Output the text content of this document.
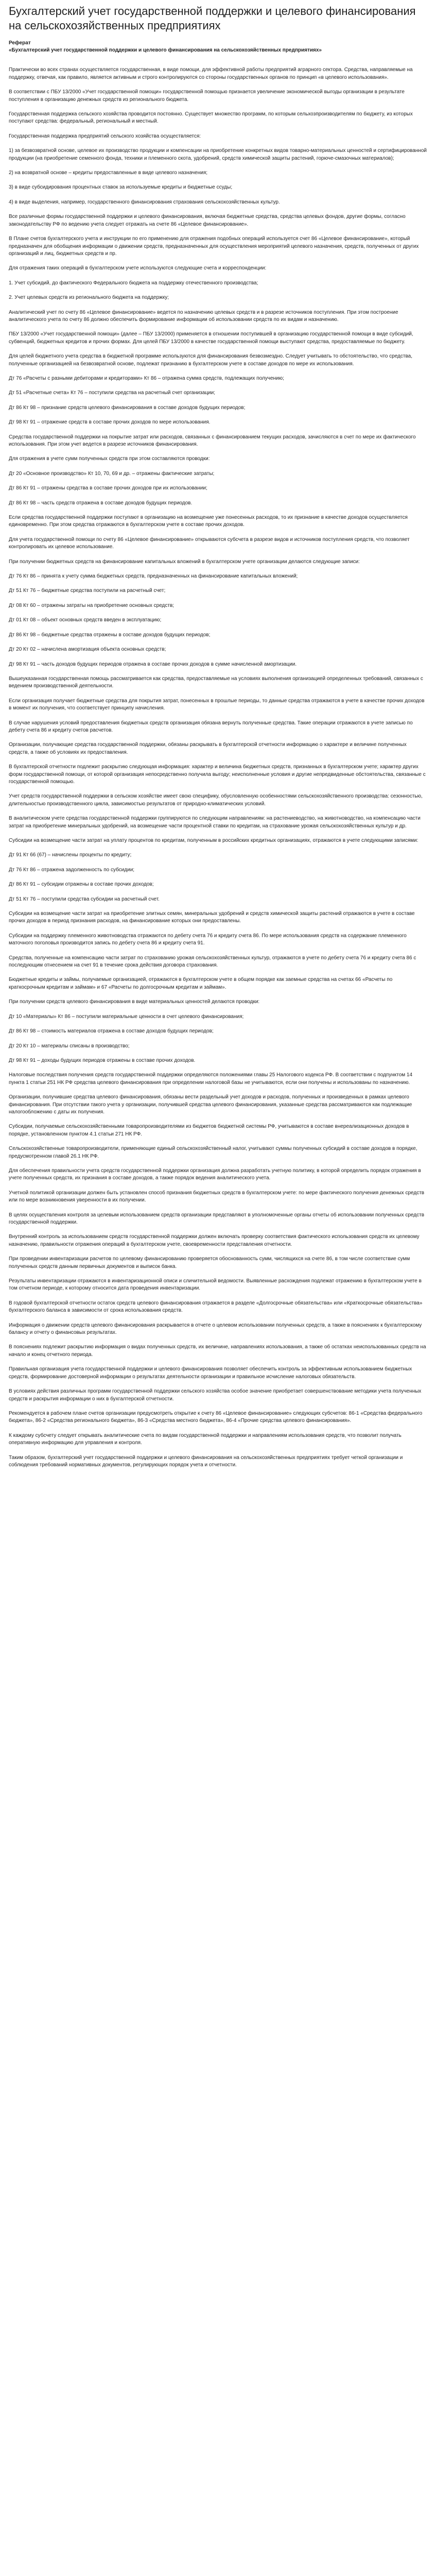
Бухгалтерский учет государственной поддержки и целевого финансирования на сельскохозяйственных предприятиях
Реферат
«Бухгалтерский учет государственной поддержки и целевого финансирования на сельскохозяйственных предприятиях»

Практически во всех странах осуществляется государственная, в виде помощи, для эффективной работы предприятий аграрного сектора. Средства, направляемые на поддержку, отвечая, как правило, является активным и строго контролируются со стороны государственных органов по принцип «в целевого использования».

В соответствии с ПБУ 13/2000 «Учет государственной помощи» государственной помощью признается увеличение экономической выгоды организации в результате поступления в организацию денежных средств из регионального бюджета.

Государственная поддержка сельского хозяйства проводится постоянно. Существует множество программ, по которым сельхозпроизводителям по бюджету, из которых поступают средства: федеральный, региональный и местный.

Государственная поддержка предприятий сельского хозяйства осуществляется:

1) за безвозвратной основе, целевое их производство продукции и компенсации на приобретение конкретных видов товарно-материальных ценностей и сертифицированной продукции (на приобретение семенного фонда, техники и племенного скота, удобрений, средств химической защиты растений, горюче-смазочных материалов);

2) на возвратной основе – кредиты предоставленные в виде целевого назначения;

3) в виде субсидирования процентных ставок за используемые кредиты и бюджетные ссуды;

4) в виде выделения, например, государственного финансирования страхования сельскохозяйственных культур.

Все различные формы государственной поддержки и целевого финансирования, включая бюджетные средства, средства целевых фондов, другие формы, согласно законодательству РФ по ведению учета следует отражать на счете 86 «Целевое финансирование».

В Плане счетов бухгалтерского учета и инструкции по его применению для отражения подобных операций используется счет 86 «Целевое финансирование», который предназначен для обобщения информации о движении средств, предназначенных для осуществления мероприятий целевого назначения, средств, полученных от других организаций и лиц, бюджетных средств и пр.

Для отражения таких операций в бухгалтерском учете используются следующие счета и корреспонденции:

1. Учет субсидий, до фактического Федерального бюджета на поддержку отечественного производства;

2. Учет целевых средств из регионального бюджета на поддержку;

Аналитический учет по счету 86 «Целевое финансирование» ведется по назначению целевых средств и в разрезе источников поступления. При этом построение аналитического учета по счету 86 должно обеспечить формирование информации об использовании средств по их видам и назначению.

ПБУ 13/2000 «Учет государственной помощи» (далее – ПБУ 13/2000) применяется в отношении поступившей в организацию государственной помощи в виде субсидий, субвенций, бюджетных кредитов и прочих формах. Для целей ПБУ 13/2000 в качестве государственной помощи выступают средства, предоставляемые по бюджету.

Для целей бюджетного учета средства в бюджетной программе используются для финансирования безвозмездно. Следует учитывать то обстоятельство, что средства, полученные организацией на безвозвратной основе, подлежат признанию в бухгалтерском учете в составе доходов по мере их использования.

Дт 76 «Расчеты с разными дебиторами и кредиторами» Кт 86 – отражена сумма средств, подлежащих получению;

Дт 51 «Расчетные счета» Кт 76 – поступили средства на расчетный счет организации;

Дт 86 Кт 98 – признание средств целевого финансирования в составе доходов будущих периодов;

Дт 98 Кт 91 – отражение средств в составе прочих доходов по мере использования.

Средства государственной поддержки на покрытие затрат или расходов, связанных с финансированием текущих расходов, зачисляются в счет по мере их фактического использования. При этом учет ведется в разрезе источников финансирования.

Для отражения в учете сумм полученных средств при этом составляются проводки:

Дт 20 «Основное производство» Кт 10, 70, 69 и др. – отражены фактические затраты;

Дт 86 Кт 91 – отражены средства в составе прочих доходов при их использовании;

Дт 86 Кт 98 – часть средств отражена в составе доходов будущих периодов.

Если средства государственной поддержки поступают в организацию на возмещение уже понесенных расходов, то их признание в качестве доходов осуществляется единовременно. При этом средства отражаются в бухгалтерском учете в составе прочих доходов.

Для учета государственной помощи по счету 86 «Целевое финансирование» открываются субсчета в разрезе видов и источников поступления средств, что позволяет контролировать их целевое использование.

При получении бюджетных средств на финансирование капитальных вложений в бухгалтерском учете организации делаются следующие записи:

Дт 76 Кт 86 – принята к учету сумма бюджетных средств, предназначенных на финансирование капитальных вложений;

Дт 51 Кт 76 – бюджетные средства поступили на расчетный счет;

Дт 08 Кт 60 – отражены затраты на приобретение основных средств;

Дт 01 Кт 08 – объект основных средств введен в эксплуатацию;

Дт 86 Кт 98 – бюджетные средства отражены в составе доходов будущих периодов;

Дт 20 Кт 02 – начислена амортизация объекта основных средств;

Дт 98 Кт 91 – часть доходов будущих периодов отражена в составе прочих доходов в сумме начисленной амортизации.

Вышеуказанная государственная помощь рассматривается как средства, предоставляемые на условиях выполнения организацией определенных требований, связанных с ведением производственной деятельности.

Если организация получает бюджетные средства для покрытия затрат, понесенных в прошлые периоды, то данные средства отражаются в учете в качестве прочих доходов в момент их получения, что соответствует принципу начисления.

В случае нарушения условий предоставления бюджетных средств организация обязана вернуть полученные средства. Такие операции отражаются в учете записью по дебету счета 86 и кредиту счетов расчетов.

Организации, получающие средства государственной поддержки, обязаны раскрывать в бухгалтерской отчетности информацию о характере и величине полученных средств, а также об условиях их предоставления.

В бухгалтерской отчетности подлежит раскрытию следующая информация: характер и величина бюджетных средств, признанных в бухгалтерском учете; характер других форм государственной помощи, от которой организация непосредственно получила выгоду; неисполненные условия и другие непредвиденные обстоятельства, связанные с государственной помощью.

Учет средств государственной поддержки в сельском хозяйстве имеет свою специфику, обусловленную особенностями сельскохозяйственного производства: сезонностью, длительностью производственного цикла, зависимостью результатов от природно-климатических условий.

В аналитическом учете средства государственной поддержки группируются по следующим направлениям: на растениеводство, на животноводство, на компенсацию части затрат на приобретение минеральных удобрений, на возмещение части процентной ставки по кредитам, на страхование урожая сельскохозяйственных культур и др.

Субсидии на возмещение части затрат на уплату процентов по кредитам, полученным в российских кредитных организациях, отражаются в учете следующими записями:

Дт 91 Кт 66 (67) – начислены проценты по кредиту;

Дт 76 Кт 86 – отражена задолженность по субсидии;

Дт 86 Кт 91 – субсидии отражены в составе прочих доходов;

Дт 51 Кт 76 – поступили средства субсидии на расчетный счет.

Субсидии на возмещение части затрат на приобретение элитных семян, минеральных удобрений и средств химической защиты растений отражаются в учете в составе прочих доходов в период признания расходов, на финансирование которых они предоставлены.

Субсидии на поддержку племенного животноводства отражаются по дебету счета 76 и кредиту счета 86. По мере использования средств на содержание племенного маточного поголовья производится запись по дебету счета 86 и кредиту счета 91.

Средства, полученные на компенсацию части затрат по страхованию урожая сельскохозяйственных культур, отражаются в учете по дебету счета 76 и кредиту счета 86 с последующим отнесением на счет 91 в течение срока действия договора страхования.

Бюджетные кредиты и займы, получаемые организацией, отражаются в бухгалтерском учете в общем порядке как заемные средства на счетах 66 «Расчеты по краткосрочным кредитам и займам» и 67 «Расчеты по долгосрочным кредитам и займам».

При получении средств целевого финансирования в виде материальных ценностей делаются проводки:

Дт 10 «Материалы» Кт 86 – поступили материальные ценности в счет целевого финансирования;

Дт 86 Кт 98 – стоимость материалов отражена в составе доходов будущих периодов;

Дт 20 Кт 10 – материалы списаны в производство;

Дт 98 Кт 91 – доходы будущих периодов отражены в составе прочих доходов.

Налоговые последствия получения средств государственной поддержки определяются положениями главы 25 Налогового кодекса РФ. В соответствии с подпунктом 14 пункта 1 статьи 251 НК РФ средства целевого финансирования при определении налоговой базы не учитываются, если они получены и использованы по назначению.

Организации, получившие средства целевого финансирования, обязаны вести раздельный учет доходов и расходов, полученных и произведенных в рамках целевого финансирования. При отсутствии такого учета у организации, получившей средства целевого финансирования, указанные средства рассматриваются как подлежащие налогообложению с даты их получения.

Субсидии, получаемые сельскохозяйственными товаропроизводителями из бюджетов бюджетной системы РФ, учитываются в составе внереализационных доходов в порядке, установленном пунктом 4.1 статьи 271 НК РФ.

Сельскохозяйственные товаропроизводители, применяющие единый сельскохозяйственный налог, учитывают суммы полученных субсидий в составе доходов в порядке, предусмотренном главой 26.1 НК РФ.

Для обеспечения правильности учета средств государственной поддержки организация должна разработать учетную политику, в которой определить порядок отражения в учете полученных средств, их признания в составе доходов, а также порядок ведения аналитического учета.

Учетной политикой организации должен быть установлен способ признания бюджетных средств в бухгалтерском учете: по мере фактического получения денежных средств или по мере возникновения уверенности в их получении.

В целях осуществления контроля за целевым использованием средств организации представляют в уполномоченные органы отчеты об использовании полученных средств государственной поддержки.

Внутренний контроль за использованием средств государственной поддержки должен включать проверку соответствия фактического использования средств их целевому назначению, правильности отражения операций в бухгалтерском учете, своевременности представления отчетности.

При проведении инвентаризации расчетов по целевому финансированию проверяется обоснованность сумм, числящихся на счете 86, в том числе соответствие сумм полученных средств данным первичных документов и выписок банка.

Результаты инвентаризации отражаются в инвентаризационной описи и сличительной ведомости. Выявленные расхождения подлежат отражению в бухгалтерском учете в том отчетном периоде, к которому относится дата проведения инвентаризации.

В годовой бухгалтерской отчетности остаток средств целевого финансирования отражается в разделе «Долгосрочные обязательства» или «Краткосрочные обязательства» бухгалтерского баланса в зависимости от срока использования средств.

Информация о движении средств целевого финансирования раскрывается в отчете о целевом использовании полученных средств, а также в пояснениях к бухгалтерскому балансу и отчету о финансовых результатах.

В пояснениях подлежит раскрытию информация о видах полученных средств, их величине, направлениях использования, а также об остатках неиспользованных средств на начало и конец отчетного периода.

Правильная организация учета государственной поддержки и целевого финансирования позволяет обеспечить контроль за эффективным использованием бюджетных средств, формирование достоверной информации о результатах деятельности организации и правильное исчисление налоговых обязательств.

В условиях действия различных программ государственной поддержки сельского хозяйства особое значение приобретает совершенствование методики учета полученных средств и раскрытия информации о них в бухгалтерской отчетности.

Рекомендуется в рабочем плане счетов организации предусмотреть открытие к счету 86 «Целевое финансирование» следующих субсчетов: 86-1 «Средства федерального бюджета», 86-2 «Средства регионального бюджета», 86-3 «Средства местного бюджета», 86-4 «Прочие средства целевого финансирования».

К каждому субсчету следует открывать аналитические счета по видам государственной поддержки и направлениям использования средств, что позволит получать оперативную информацию для управления и контроля.

Таким образом, бухгалтерский учет государственной поддержки и целевого финансирования на сельскохозяйственных предприятиях требует четкой организации и соблюдения требований нормативных документов, регулирующих порядок учета и отчетности.
